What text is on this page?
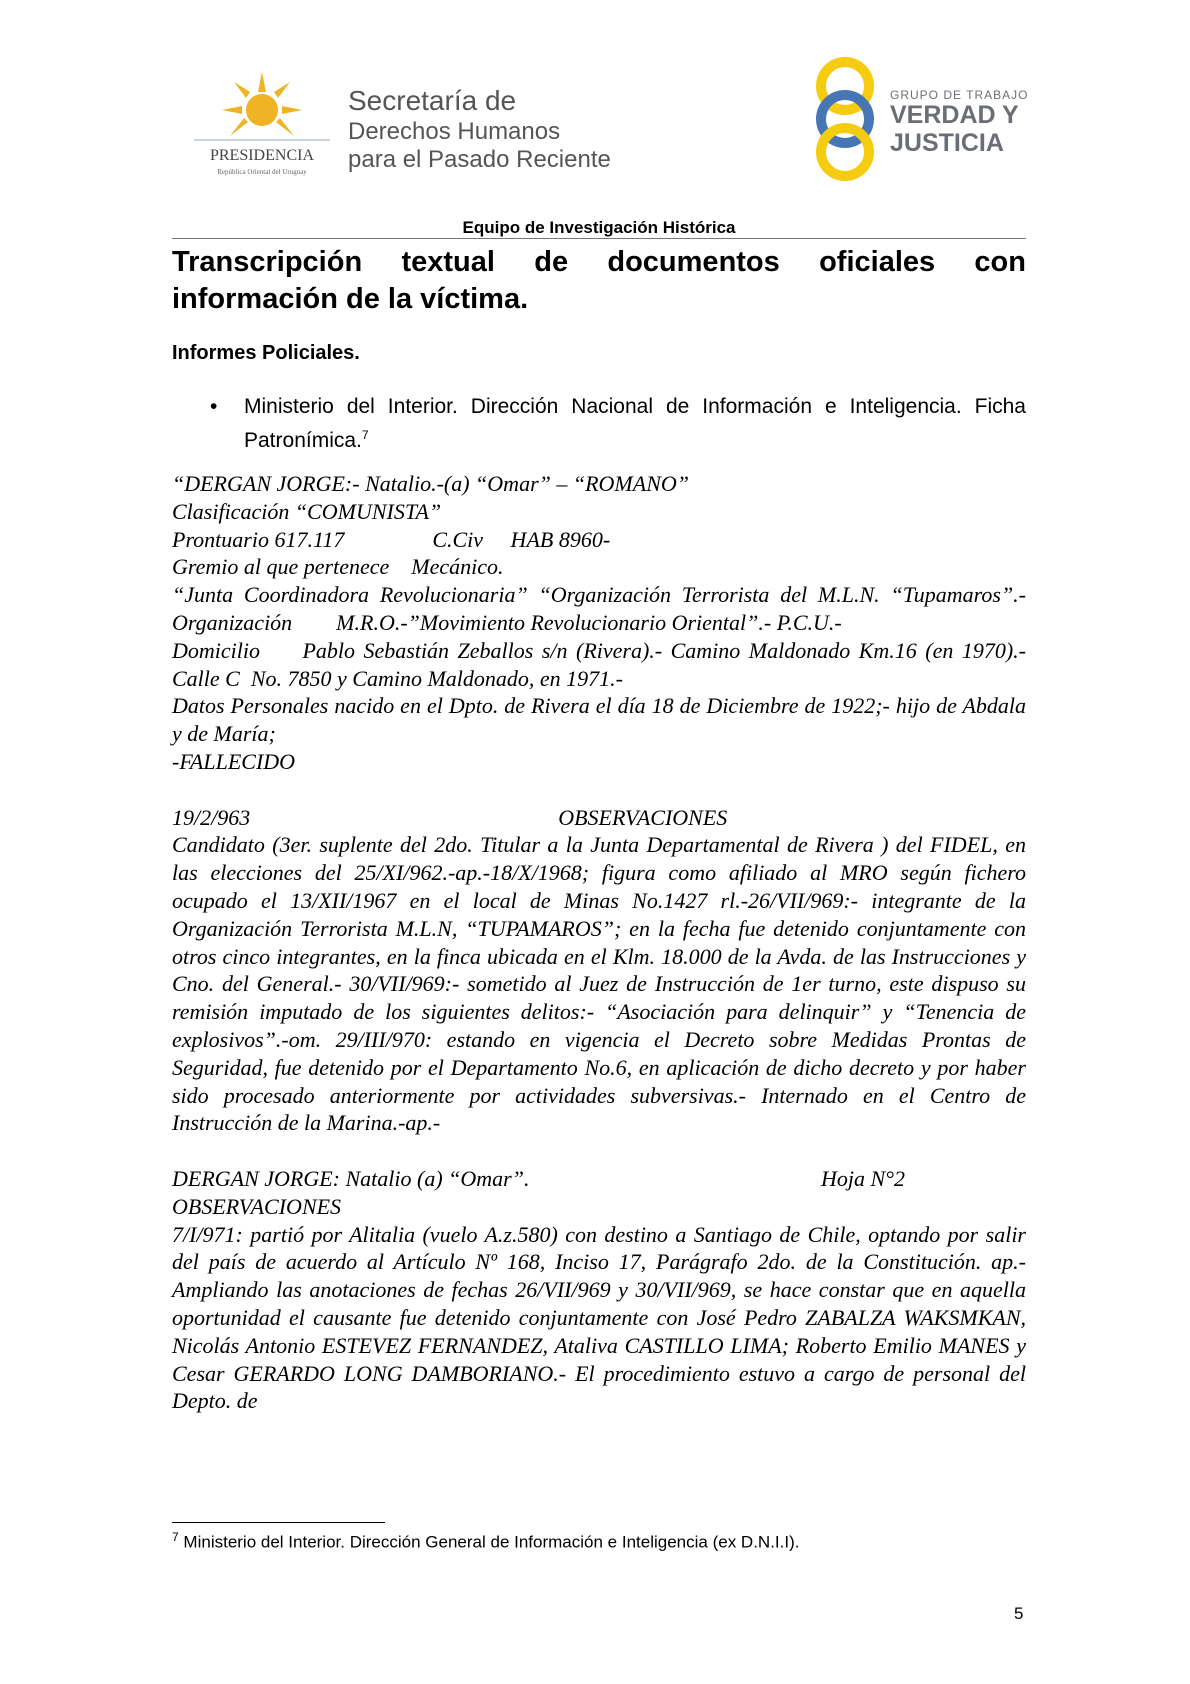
PRESIDENCIA
República Oriental del Uruguay
Secretaría de
Derechos Humanos
para el Pasado Reciente
GRUPO DE TRABAJO
VERDAD Y
JUSTICIA
Equipo de Investigación Histórica
Transcripción textual de documentos oficiales con información de la víctima.
Informes Policiales.
• Ministerio del Interior. Dirección Nacional de Información e Inteligencia. Ficha Patronímica.$^7$

“DERGAN JORGE:- Natalio.-(a) “Omar” – “ROMANO”

Clasificación “COMUNISTA”

Prontuario 617.117                C.Civ     HAB 8960-

Gremio al que pertenece    Mecánico.

“Junta Coordinadora Revolucionaria” “Organización Terrorista del M.L.N. “Tupamaros”.- Organización        M.R.O.-”Movimiento Revolucionario Oriental”.- P.C.U.-

Domicilio     Pablo Sebastián Zeballos s/n (Rivera).- Camino Maldonado Km.16 (en 1970).- Calle C  No. 7850 y Camino Maldonado, en 1971.-

Datos Personales nacido en el Dpto. de Rivera el día 18 de Diciembre de 1922;- hijo de Abdala y de María;

-FALLECIDO

19/2/963                                                        OBSERVACIONES

Candidato (3er. suplente del 2do. Titular a la Junta Departamental de Rivera ) del FIDEL, en las elecciones del 25/XI/962.-ap.-18/X/1968; figura como afiliado al MRO según fichero ocupado el 13/XII/1967 en el local de Minas No.1427 rl.-26/VII/969:- integrante de la Organización Terrorista M.L.N, “TUPAMAROS”; en la fecha fue detenido conjuntamente con otros cinco integrantes, en la finca ubicada en el Klm. 18.000 de la Avda. de las Instrucciones y Cno. del General.- 30/VII/969:- sometido al Juez de Instrucción de 1er turno, este dispuso su remisión imputado de los siguientes delitos:- “Asociación para delinquir” y “Tenencia de explosivos”.-om. 29/III/970: estando en vigencia el Decreto sobre Medidas Prontas de Seguridad, fue detenido por el Departamento No.6, en aplicación de dicho decreto y por haber sido procesado anteriormente por actividades subversivas.- Internado en el Centro de Instrucción de la Marina.-ap.-

DERGAN JORGE: Natalio (a) “Omar”.                                                     Hoja N°2

OBSERVACIONES

7/I/971: partió por Alitalia (vuelo A.z.580) con destino a Santiago de Chile, optando por salir del país de acuerdo al Artículo Nº 168, Inciso 17, Parágrafo 2do. de la Constitución. ap.-Ampliando las anotaciones de fechas 26/VII/969 y 30/VII/969, se hace constar que en aquella oportunidad el causante fue detenido conjuntamente con José Pedro ZABALZA WAKSMKAN, Nicolás Antonio ESTEVEZ FERNANDEZ, Ataliva CASTILLO LIMA; Roberto Emilio MANES y Cesar GERARDO LONG DAMBORIANO.- El procedimiento estuvo a cargo de personal del Depto. de

$^7$ Ministerio del Interior. Dirección General de Información e Inteligencia (ex D.N.I.I).
5
